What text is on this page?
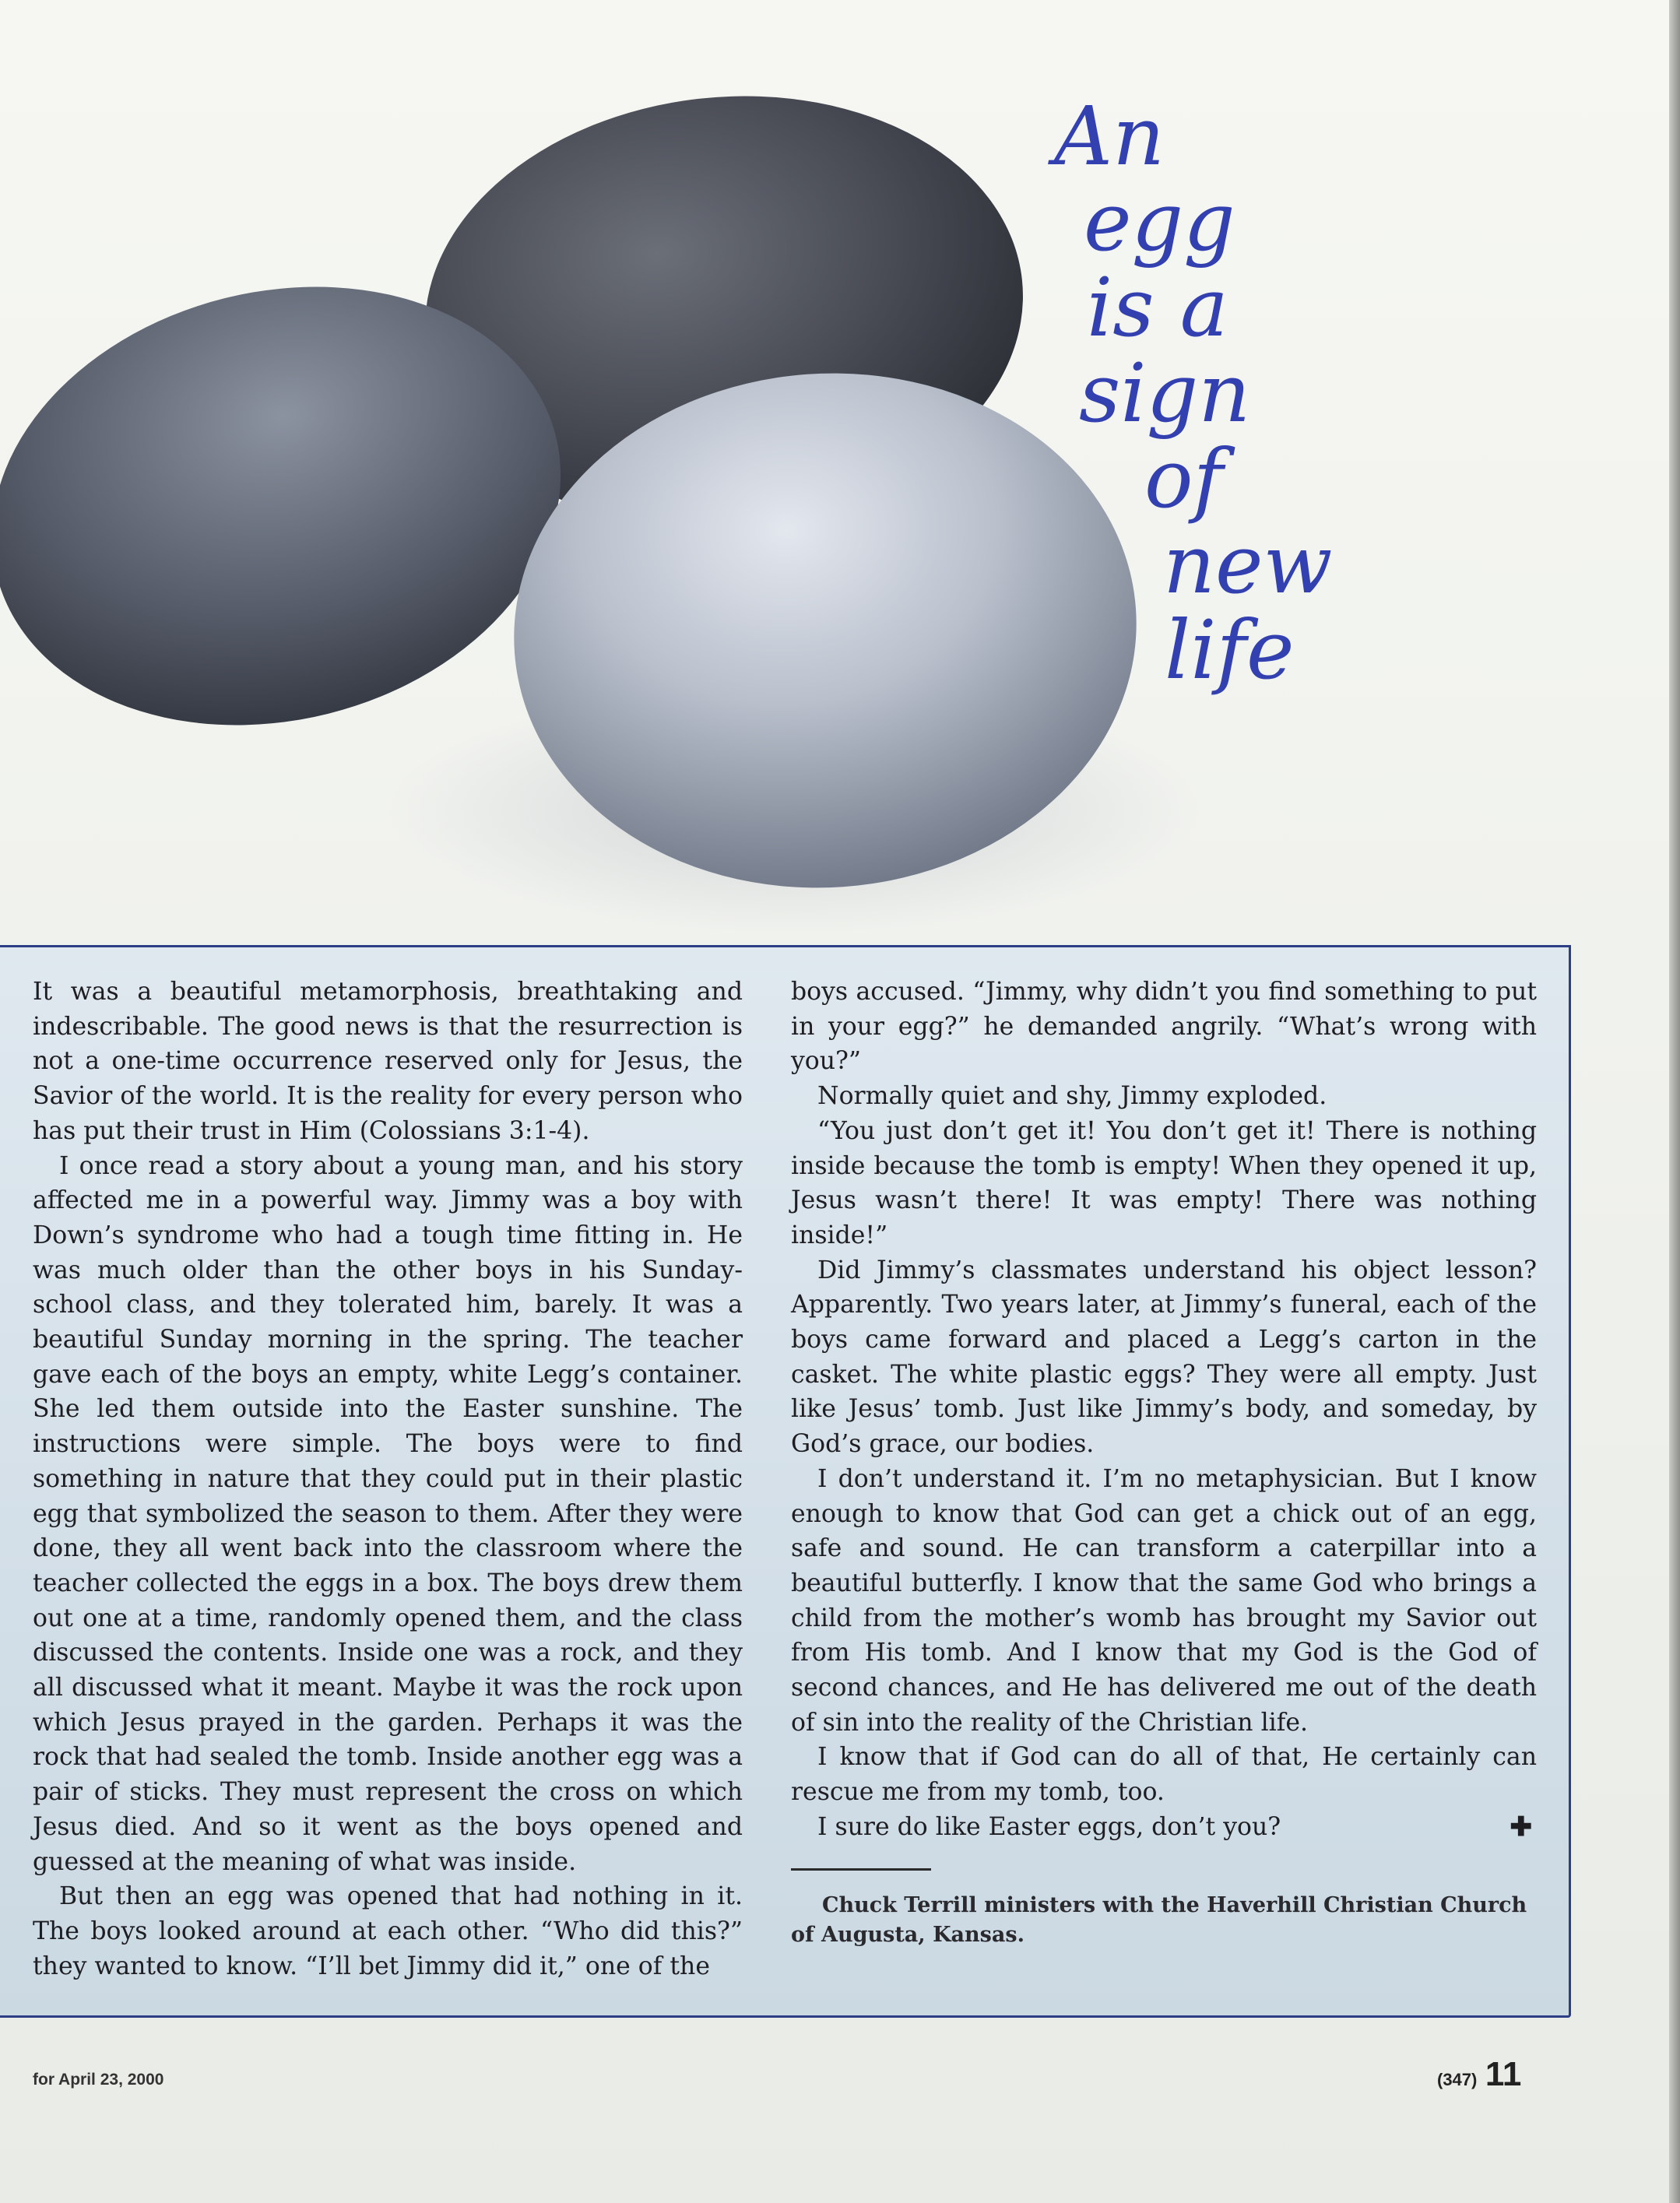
An
egg
is a
sign
of
new
life

It was a beautiful metamorphosis, breathtaking and indescribable. The good news is that the resurrection is not a one-time occurrence reserved only for Jesus, the Savior of the world. It is the reality for every person who has put their trust in Him (Colossians 3:1-4).

I once read a story about a young man, and his story affected me in a powerful way. Jimmy was a boy with Down’s syndrome who had a tough time fitting in. He was much older than the other boys in his Sunday-school class, and they tolerated him, barely. It was a beautiful Sunday morning in the spring. The teacher gave each of the boys an empty, white Legg’s container. She led them outside into the Easter sunshine. The instructions were simple. The boys were to find something in nature that they could put in their plastic egg that symbolized the season to them. After they were done, they all went back into the classroom where the teacher collected the eggs in a box. The boys drew them out one at a time, randomly opened them, and the class discussed the contents. Inside one was a rock, and they all discussed what it meant. Maybe it was the rock upon which Jesus prayed in the garden. Perhaps it was the rock that had sealed the tomb. Inside another egg was a pair of sticks. They must represent the cross on which Jesus died. And so it went as the boys opened and guessed at the meaning of what was inside.

But then an egg was opened that had nothing in it. The boys looked around at each other. “Who did this?” they wanted to know. “I’ll bet Jimmy did it,” one of the

boys accused. “Jimmy, why didn’t you find something to put in your egg?” he demanded angrily. “What’s wrong with you?”

Normally quiet and shy, Jimmy exploded.

“You just don’t get it! You don’t get it! There is nothing inside because the tomb is empty! When they opened it up, Jesus wasn’t there! It was empty! There was nothing inside!”

Did Jimmy’s classmates understand his object lesson? Apparently. Two years later, at Jimmy’s funeral, each of the boys came forward and placed a Legg’s carton in the casket. The white plastic eggs? They were all empty. Just like Jesus’ tomb. Just like Jimmy’s body, and someday, by God’s grace, our bodies.

I don’t understand it. I’m no metaphysician. But I know enough to know that God can get a chick out of an egg, safe and sound. He can transform a caterpillar into a beautiful butterfly. I know that the same God who brings a child from the mother’s womb has brought my Savior out from His tomb. And I know that my God is the God of second chances, and He has delivered me out of the death of sin into the reality of the Christian life.

I know that if God can do all of that, He certainly can rescue me from my tomb, too.

I sure do like Easter eggs, don’t you?	✚

Chuck Terrill ministers with the Haverhill Christian Church of Augusta, Kansas.

for April 23, 2000	(347) 11
